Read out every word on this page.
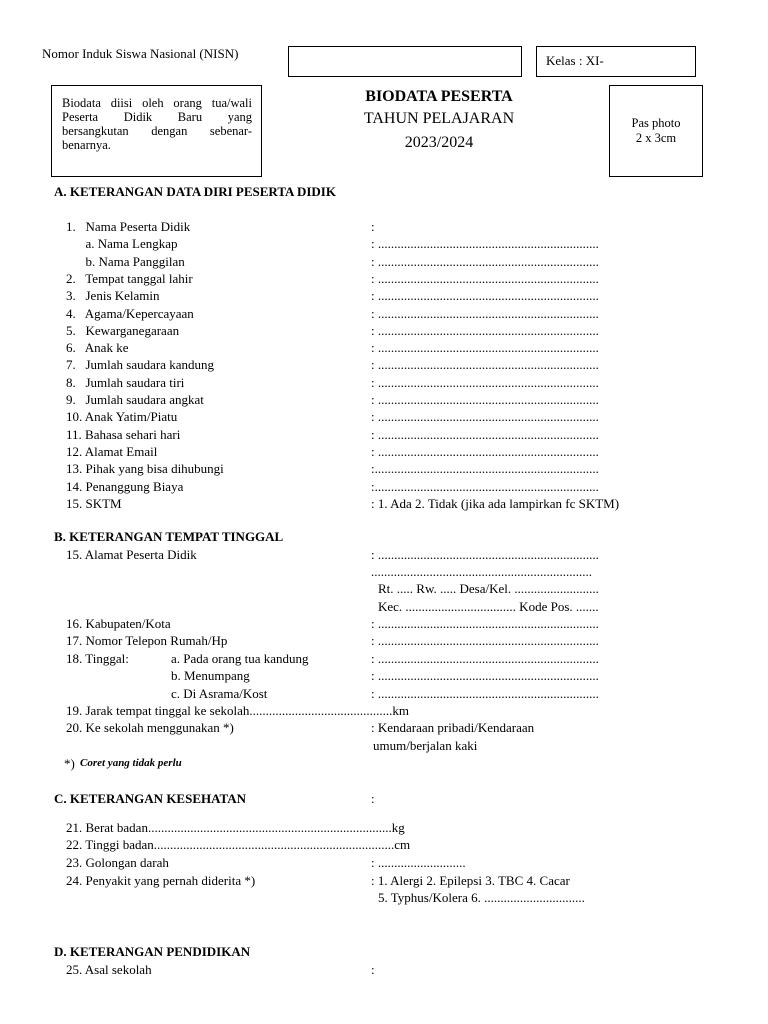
Nomor Induk Siswa Nasional (NISN)	Kelas : XI-
Biodata diisi oleh orang tua/wali Peserta Didik Baru yang bersangkutan dengan sebenar-benarnya.
BIODATA PESERTA
TAHUN PELAJARAN
2023/2024
Pas photo
2 x 3cm
A. KETERANGAN DATA DIRI PESERTA DIDIK
1.   Nama Peserta Didik	:
a. Nama Lengkap	: ....................................................................
b. Nama Panggilan	: ....................................................................
2.   Tempat tanggal lahir	: ....................................................................
3.   Jenis Kelamin	: ....................................................................
4.   Agama/Kepercayaan	: ....................................................................
5.   Kewarganegaraan	: ....................................................................
6.   Anak ke	: ....................................................................
7.   Jumlah saudara kandung	: ....................................................................
8.   Jumlah saudara tiri	: ....................................................................
9.   Jumlah saudara angkat	: ....................................................................
10. Anak Yatim/Piatu	: ....................................................................
11. Bahasa sehari hari	: ....................................................................
12. Alamat Email	: ....................................................................
13. Pihak yang bisa dihubungi	:.....................................................................
14. Penanggung Biaya	:.....................................................................
15. SKTM	: 1. Ada 2. Tidak (jika ada lampirkan fc SKTM)
B. KETERANGAN TEMPAT TINGGAL
15. Alamat Peserta Didik	: ....................................................................
....................................................................
Rt. ..... Rw. ..... Desa/Kel. ..........................
Kec. .................................. Kode Pos. .......
16. Kabupaten/Kota	: ....................................................................
17. Nomor Telepon Rumah/Hp	: ....................................................................
18. Tinggal:	a. Pada orang tua kandung	: ....................................................................
b. Menumpang	: ....................................................................
c. Di Asrama/Kost	: ....................................................................
19. Jarak tempat tinggal ke sekolah............................................km
20. Ke sekolah menggunakan *)	: Kendaraan pribadi/Kendaraan
umum/berjalan kaki
*) Coret yang tidak perlu
C. KETERANGAN KESEHATAN	:
21. Berat badan...........................................................................kg
22. Tinggi badan..........................................................................cm
23. Golongan darah	: ...........................
24. Penyakit yang pernah diderita *)	: 1. Alergi 2. Epilepsi 3. TBC 4. Cacar
5. Typhus/Kolera 6. ...............................
D. KETERANGAN PENDIDIKAN
25. Asal sekolah	:
